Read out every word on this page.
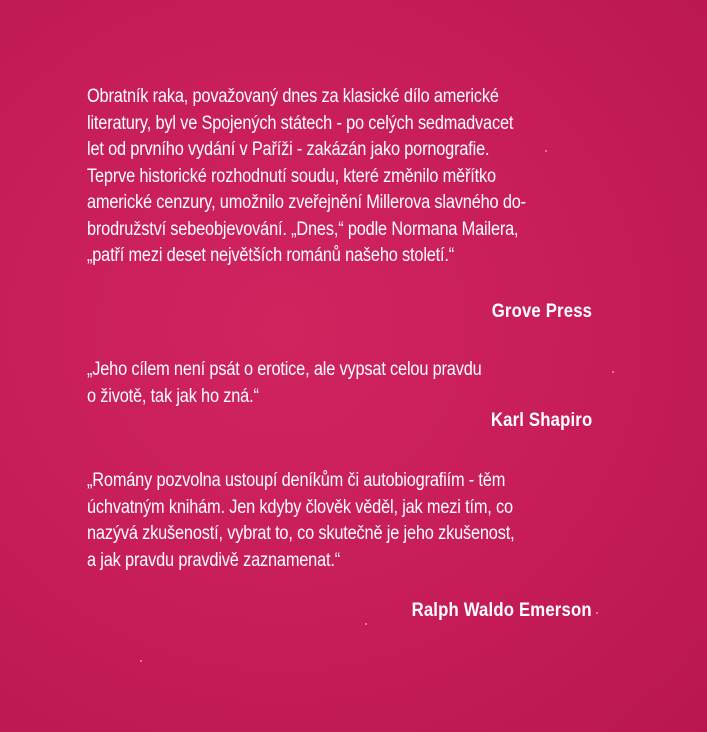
Obratník raka, považovaný dnes za klasické dílo americké
literatury, byl ve Spojených státech - po celých sedmadvacet
let od prvního vydání v Paříži - zakázán jako pornografie.
Teprve historické rozhodnutí soudu, které změnilo měřítko
americké cenzury, umožnilo zveřejnění Millerova slavného do-
brodružství sebeobjevování. „Dnes,“ podle Normana Mailera,
„patří mezi deset největších románů našeho století.“

Grove Press

„Jeho cílem není psát o erotice, ale vypsat celou pravdu
o životě, tak jak ho zná.“

Karl Shapiro

„Romány pozvolna ustoupí deníkům či autobiografiím - těm
úchvatným knihám. Jen kdyby člověk věděl, jak mezi tím, co
nazývá zkušeností, vybrat to, co skutečně je jeho zkušenost,
a jak pravdu pravdivě zaznamenat.“

Ralph Waldo Emerson
